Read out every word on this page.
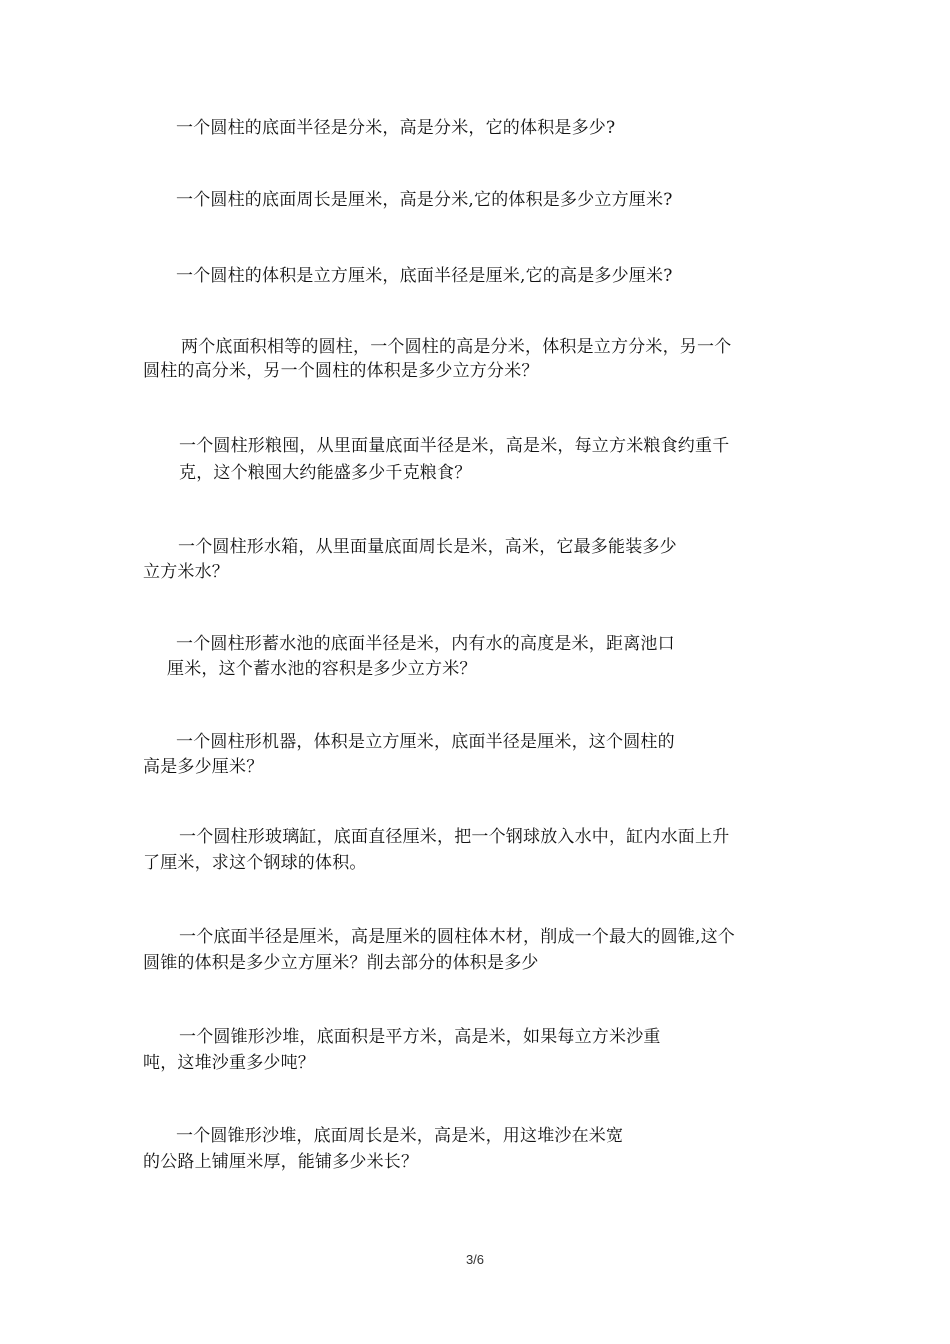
一个圆柱的底面半径是分米，高是分米，它的体积是多少?
一个圆柱的底面周长是厘米，高是分米,它的体积是多少立方厘米?
一个圆柱的体积是立方厘米，底面半径是厘米,它的高是多少厘米?
两个底面积相等的圆柱，一个圆柱的高是分米，体积是立方分米，另一个
圆柱的高分米，另一个圆柱的体积是多少立方分米？
一个圆柱形粮囤，从里面量底面半径是米，高是米，每立方米粮食约重千
克，这个粮囤大约能盛多少千克粮食？
一个圆柱形水箱，从里面量底面周长是米，高米，它最多能装多少
立方米水？
一个圆柱形蓄水池的底面半径是米，内有水的高度是米，距离池口
厘米，这个蓄水池的容积是多少立方米？
一个圆柱形机器，体积是立方厘米，底面半径是厘米，这个圆柱的
高是多少厘米？
一个圆柱形玻璃缸，底面直径厘米，把一个钢球放入水中，缸内水面上升
了厘米，求这个钢球的体积。
一个底面半径是厘米，高是厘米的圆柱体木材，削成一个最大的圆锥,这个
圆锥的体积是多少立方厘米？削去部分的体积是多少
一个圆锥形沙堆，底面积是平方米，高是米，如果每立方米沙重
吨，这堆沙重多少吨？
一个圆锥形沙堆，底面周长是米，高是米，用这堆沙在米宽
的公路上铺厘米厚，能铺多少米长？
3/6
